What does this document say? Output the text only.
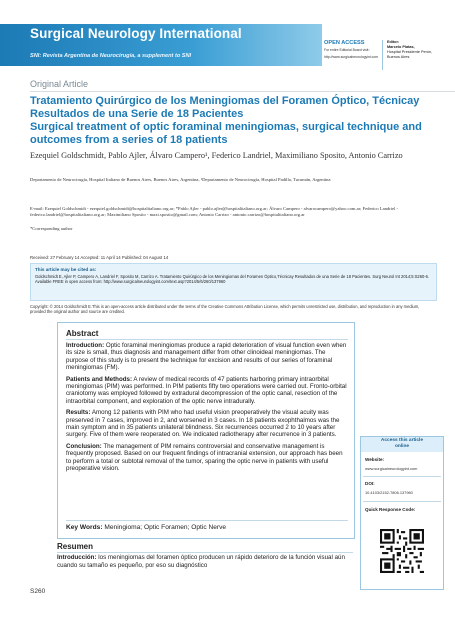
Surgical Neurology International
SNI: Revista Argentina de Neurocirugía, a supplement to SNI
OPEN ACCESS
For entire Editorial Board visit :
http://www.surgicalneurologyint.com
Editor:
Marcelo Platas,
Hospital Presidente Perón,
Buenos Aires
Original Article
Tratamiento Quirúrgico de los Meningiomas del Foramen Óptico, Técnicay Resultados de una Serie de 18 Pacientes
Surgical treatment of optic foraminal meningiomas, surgical technique and outcomes from a series of 18 patients
Ezequiel Goldschmidt, Pablo Ajler, Álvaro Campero¹, Federico Landriel, Maximiliano Sposito, Antonio Carrizo
Departamento de Neurocirugía, Hospital Italiano de Buenos Aires, Buenos Aires, Argentina, ¹Departamento de Neurocirugía, Hospital Padilla, Tucumán, Argentina
E-mail: Ezequiel Goldschmidt - ezequiel.goldschmidt@hospitalitaliano.org.ar; *Pablo Ajler - pablo.ajler@hospitalitaliano.org.ar; Álvaro Campero - alvarocampero@yahoo.com.ar; Federico Landriel - federico.landriel@hospitalitaliano.org.ar; Maximiliano Sposito - maxi.sposito@gmail.com; Antonio Carrizo - antonio.carrizo@hospitalitaliano.org.ar
*Corresponding author
Received: 27 February 14 Accepted: 11 April 14 Published: 04 August 14
This article may be cited as:
Goldschmidt E, Ajler P, Campero A, Landriel F, Sposito M, Carrizo A. Tratamiento Quirúrgico de los Meningiomas del Foramen Óptico,Técnicay Resultados de una Serie de 18 Pacientes. Surg Neurol Int 2014;5:S260-6.
Available FREE in open access from: http://www.surgicalneurologyint.com/text.asp?2014/5/6/260/137960
Copyright: © 2014 Goldschmidt E.This is an open-access article distributed under the terms of the Creative Commons Attribution License, which permits unrestricted use, distribution, and reproduction in any medium, provided the original author and source are credited.
Abstract

Introduction: Optic foraminal meningiomas produce a rapid deterioration of visual function even when its size is small, thus diagnosis and management differ from other clinoideal meningiomas. The purpose of this study is to present the technique for excision and results of our series of foraminal meningiomas (FM).

Patients and Methods: A review of medical records of 47 patients harboring primary intraorbital meningiomas (PIM) was performed. In PIM patients fifty two operations were carried out. Fronto-orbital craniotomy was employed followed by extradural decompression of the optic canal, resection of the intraorbital component, and exploration of the optic nerve intradurally.

Results: Among 12 patients with PIM who had useful vision preoperatively the visual acuity was preserved in 7 cases, improved in 2, and worsened in 3 cases. In 18 patients exophthalmos was the main symptom and in 35 patients unilateral blindness. Six recurrences occurred 2 to 10 years after surgery. Five of them were reoperated on. We indicated radiotherapy after recurrence in 3 patients.

Conclusion: The management of PIM remains controversial and conservative management is frequently proposed. Based on our frequent findings of intracranial extension, our approach has been to perform a total or subtotal removal of the tumor, sparing the optic nerve in patients with useful preoperative vision.

Key Words: Meningioma; Optic Foramen; Optic Nerve
Access this article
online
Website:
www.surgicalneurologyint.com
DOI:
10.4103/2152-7806.137960
Quick Response Code:
Resumen
Introducción: los meningiomas del foramen óptico producen un rápido deterioro de la función visual aún cuando su tamaño es pequeño, por eso su diagnóstico
S260
